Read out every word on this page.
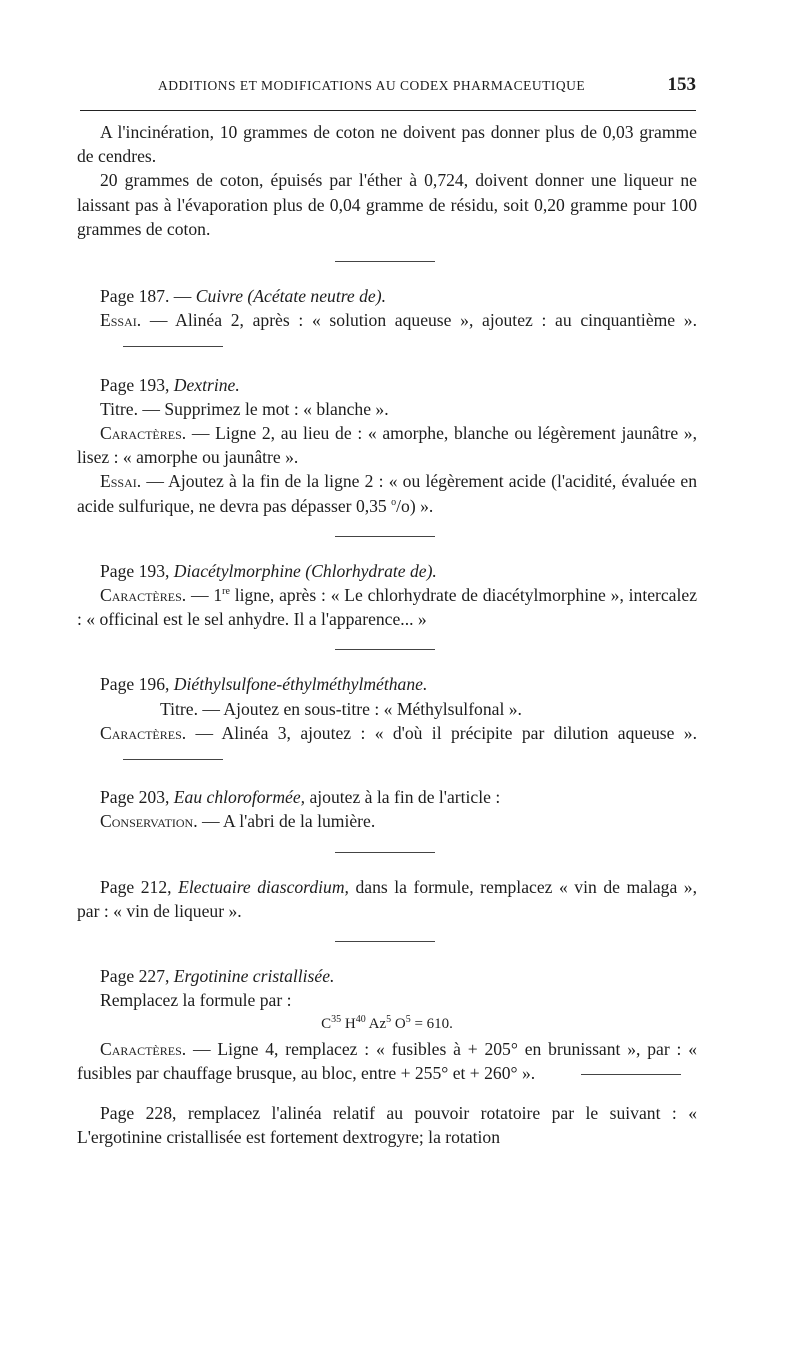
ADDITIONS ET MODIFICATIONS AU CODEX PHARMACEUTIQUE	153

A l'incinération, 10 grammes de coton ne doivent pas donner plus de 0,03 gramme de cendres.

20 grammes de coton, épuisés par l'éther à 0,724, doivent donner une liqueur ne laissant pas à l'évaporation plus de 0,04 gramme de résidu, soit 0,20 gramme pour 100 grammes de coton.

Page 187. — Cuivre (Acétate neutre de).

Essai. — Alinéa 2, après : « solution aqueuse », ajoutez : au cinquantième ».

Page 193, Dextrine.

Titre. — Supprimez le mot : « blanche ».

Caractères. — Ligne 2, au lieu de : « amorphe, blanche ou légèrement jaunâtre », lisez : « amorphe ou jaunâtre ».

Essai. — Ajoutez à la fin de la ligne 2 : « ou légèrement acide (l'acidité, évaluée en acide sulfurique, ne devra pas dépasser 0,35 $^o$/o) ».

Page 193, Diacétylmorphine (Chlorhydrate de).

Caractères. — 1re ligne, après : « Le chlorhydrate de diacétylmorphine », intercalez : « officinal est le sel anhydre. Il a l'apparence... »

Page 196, Diéthylsulfone-éthylméthylméthane.

Titre. — Ajoutez en sous-titre : « Méthylsulfonal ».

Caractères. — Alinéa 3, ajoutez : « d'où il précipite par dilution aqueuse ».

Page 203, Eau chloroformée, ajoutez à la fin de l'article :

Conservation. — A l'abri de la lumière.

Page 212, Electuaire diascordium, dans la formule, remplacez « vin de malaga », par : « vin de liqueur ».

Page 227, Ergotinine cristallisée.

Remplacez la formule par :

$C^{35}$ $H^{40}$ Az$^5$ $O^5 = 610$.

Caractères. — Ligne 4, remplacez : « fusibles à + 205° en brunissant », par : « fusibles par chauffage brusque, au bloc, entre + 255° et + 260° ».

Page 228, remplacez l'alinéa relatif au pouvoir rotatoire par le suivant : « L'ergotinine cristallisée est fortement dextrogyre; la rotation
